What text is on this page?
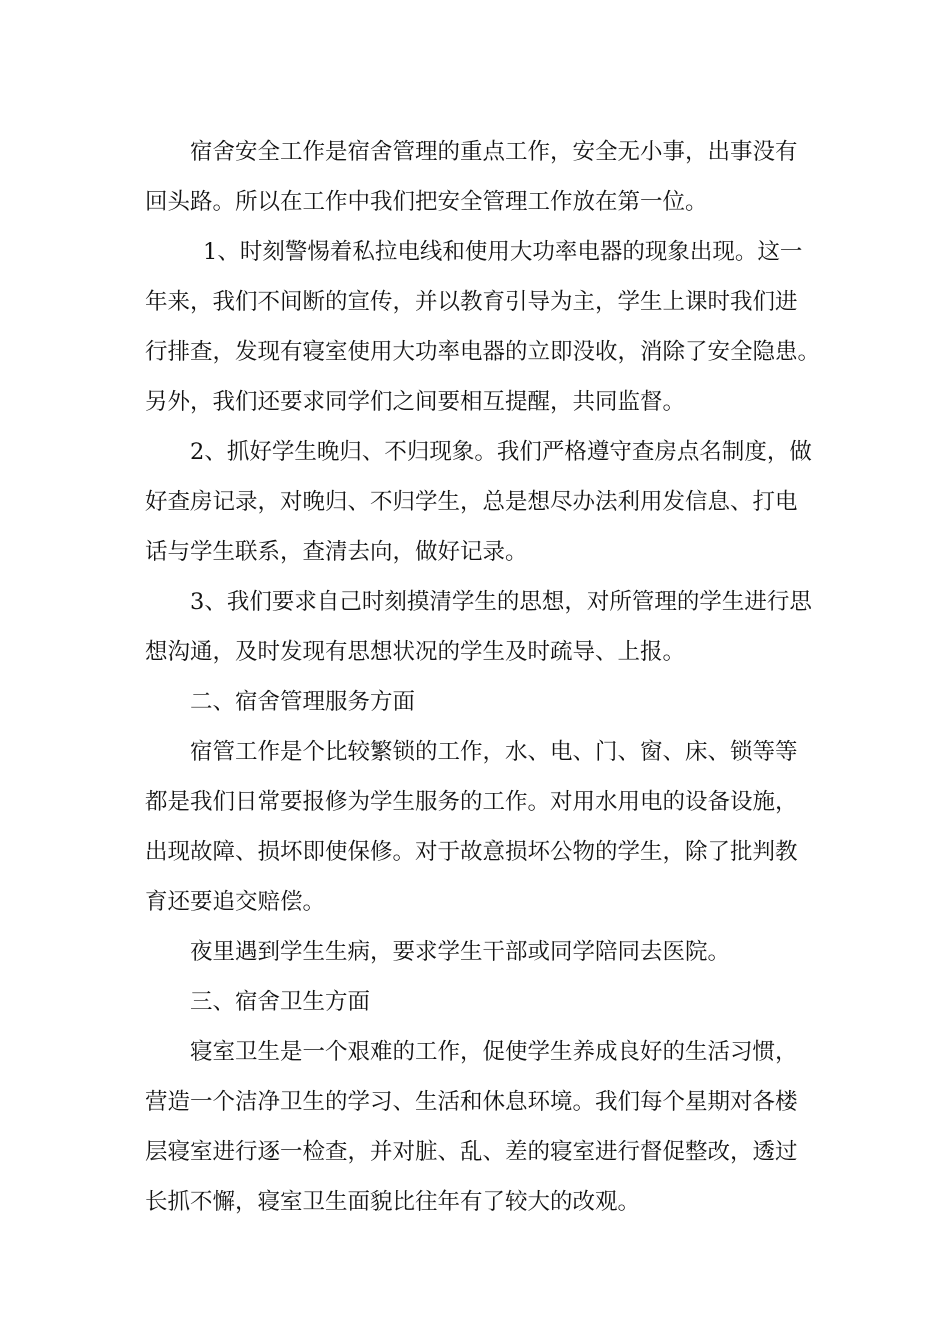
宿舍安全工作是宿舍管理的重点工作，安全无小事，出事没有
回头路。所以在工作中我们把安全管理工作放在第一位。
1、时刻警惕着私拉电线和使用大功率电器的现象出现。这一
年来，我们不间断的宣传，并以教育引导为主，学生上课时我们进
行排查，发现有寝室使用大功率电器的立即没收，消除了安全隐患。
另外，我们还要求同学们之间要相互提醒，共同监督。
2、抓好学生晚归、不归现象。我们严格遵守查房点名制度，做
好查房记录，对晚归、不归学生，总是想尽办法利用发信息、打电
话与学生联系，查清去向，做好记录。
3、我们要求自己时刻摸清学生的思想，对所管理的学生进行思
想沟通，及时发现有思想状况的学生及时疏导、上报。
二、宿舍管理服务方面
宿管工作是个比较繁锁的工作，水、电、门、窗、床、锁等等
都是我们日常要报修为学生服务的工作。对用水用电的设备设施，
出现故障、损坏即使保修。对于故意损坏公物的学生，除了批判教
育还要追交赔偿。
夜里遇到学生生病，要求学生干部或同学陪同去医院。
三、宿舍卫生方面
寝室卫生是一个艰难的工作，促使学生养成良好的生活习惯，
营造一个洁净卫生的学习、生活和休息环境。我们每个星期对各楼
层寝室进行逐一检查，并对脏、乱、差的寝室进行督促整改，透过
长抓不懈，寝室卫生面貌比往年有了较大的改观。
